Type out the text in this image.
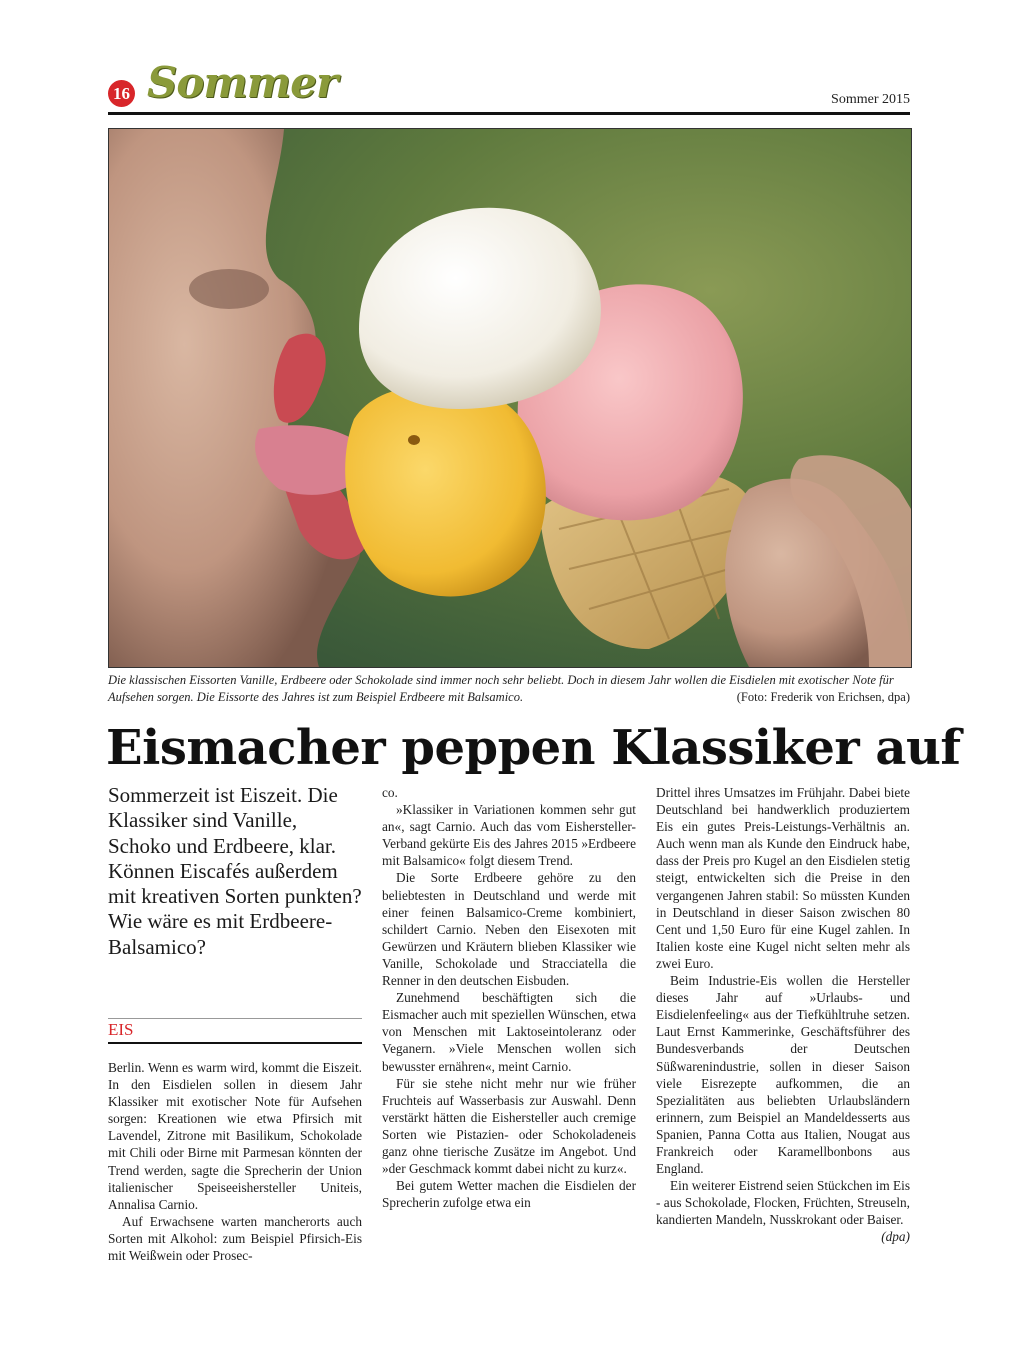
16 Sommer	Sommer 2015
Die klassischen Eissorten Vanille, Erdbeere oder Schokolade sind immer noch sehr beliebt. Doch in diesem Jahr wollen die Eisdielen mit exotischer Note für Aufsehen sorgen. Die Eissorte des Jahres ist zum Beispiel Erdbeere mit Balsamico.	(Foto: Frederik von Erichsen, dpa)
Eismacher peppen Klassiker auf
Sommerzeit ist Eiszeit. Die Klassiker sind Vanille, Schoko und Erdbeere, klar. Können Eiscafés außerdem mit kreativen Sorten punkten? Wie wäre es mit Erdbeere-Balsamico?
EIS

Berlin. Wenn es warm wird, kommt die Eiszeit. In den Eisdielen sollen in diesem Jahr Klassiker mit exotischer Note für Aufsehen sorgen: Kreationen wie etwa Pfirsich mit Lavendel, Zitrone mit Basilikum, Schokolade mit Chili oder Birne mit Parmesan könnten der Trend werden, sagte die Sprecherin der Union italienischer Speiseeishersteller Uniteis, Annalisa Carnio.

Auf Erwachsene warten mancherorts auch Sorten mit Alkohol: zum Beispiel Pfirsich-Eis mit Weißwein oder Prosec-

co.

»Klassiker in Variationen kommen sehr gut an«, sagt Carnio. Auch das vom Eishersteller-Verband gekürte Eis des Jahres 2015 »Erdbeere mit Balsamico« folgt diesem Trend.

Die Sorte Erdbeere gehöre zu den beliebtesten in Deutschland und werde mit einer feinen Balsamico-Creme kombiniert, schildert Carnio. Neben den Eisexoten mit Gewürzen und Kräutern blieben Klassiker wie Vanille, Schokolade und Stracciatella die Renner in den deutschen Eisbuden.

Zunehmend beschäftigten sich die Eismacher auch mit speziellen Wünschen, etwa von Menschen mit Laktoseintoleranz oder Veganern. »Viele Menschen wollen sich bewusster ernähren«, meint Carnio.

Für sie stehe nicht mehr nur wie früher Fruchteis auf Wasserbasis zur Auswahl. Denn verstärkt hätten die Eishersteller auch cremige Sorten wie Pistazien- oder Schokoladeneis ganz ohne tierische Zusätze im Angebot. Und »der Geschmack kommt dabei nicht zu kurz«.

Bei gutem Wetter machen die Eisdielen der Sprecherin zufolge etwa ein

Drittel ihres Umsatzes im Frühjahr. Dabei biete Deutschland bei handwerklich produziertem Eis ein gutes Preis-Leistungs-Verhältnis an. Auch wenn man als Kunde den Eindruck habe, dass der Preis pro Kugel an den Eisdielen stetig steigt, entwickelten sich die Preise in den vergangenen Jahren stabil: So müssten Kunden in Deutschland in dieser Saison zwischen 80 Cent und 1,50 Euro für eine Kugel zahlen. In Italien koste eine Kugel nicht selten mehr als zwei Euro.

Beim Industrie-Eis wollen die Hersteller dieses Jahr auf »Urlaubs- und Eisdielenfeeling« aus der Tiefkühltruhe setzen. Laut Ernst Kammerinke, Geschäftsführer des Bundesverbands der Deutschen Süßwarenindustrie, sollen in dieser Saison viele Eisrezepte aufkommen, die an Spezialitäten aus beliebten Urlaubsländern erinnern, zum Beispiel an Mandeldesserts aus Spanien, Panna Cotta aus Italien, Nougat aus Frankreich oder Karamellbonbons aus England.

Ein weiterer Eistrend seien Stückchen im Eis - aus Schokolade, Flocken, Früchten, Streuseln, kandierten Mandeln, Nusskrokant oder Baiser.
(dpa)
